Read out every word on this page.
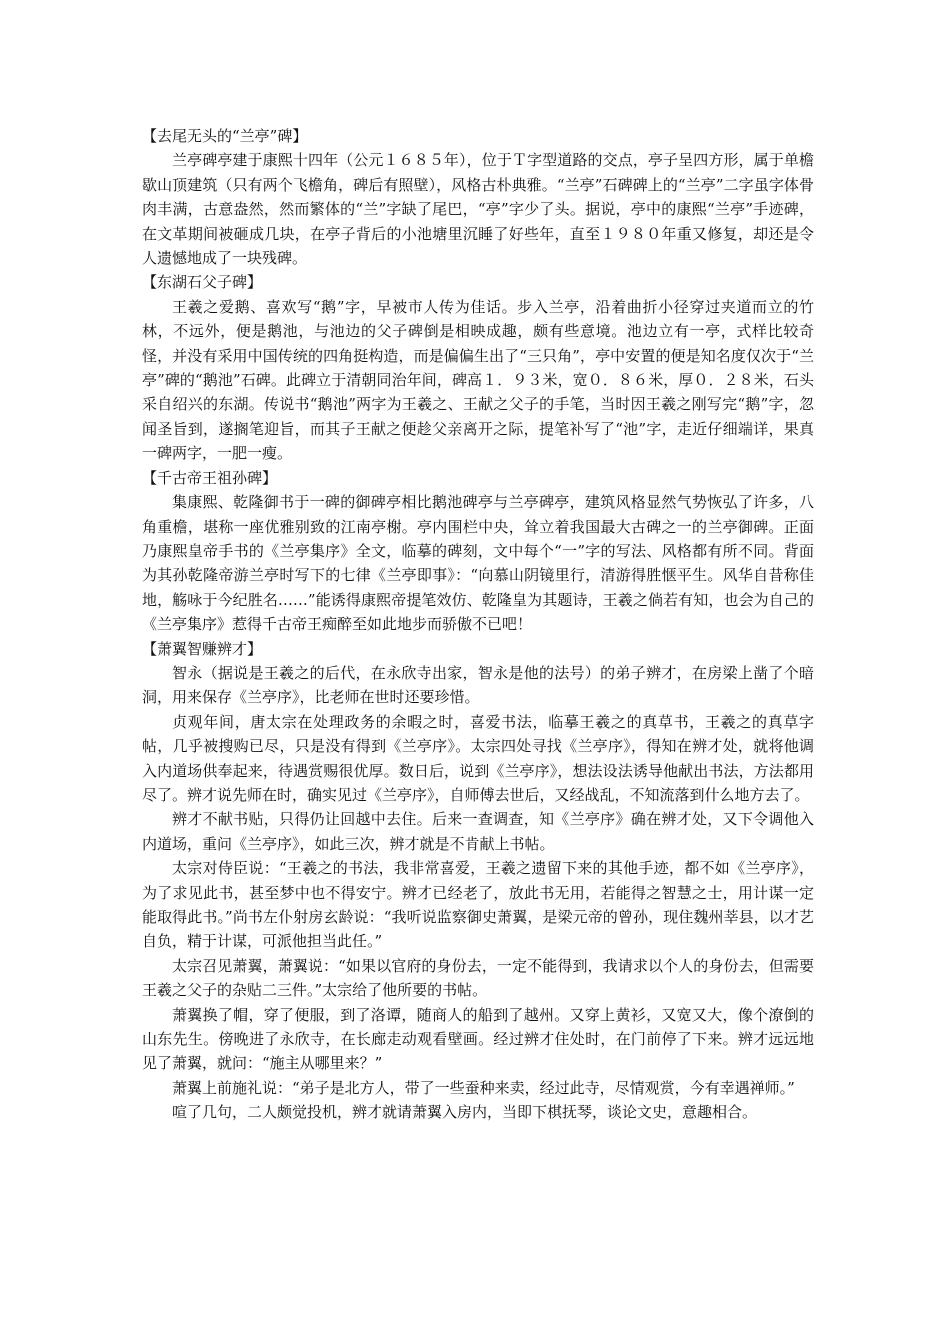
【去尾无头的“兰亭”碑】

兰亭碑亭建于康熙十四年（公元１６８５年），位于Ｔ字型道路的交点，亭子呈四方形，属于单檐歇山顶建筑（只有两个飞檐角，碑后有照壁），风格古朴典雅。“兰亭”石碑碑上的“兰亭”二字虽字体骨肉丰满，古意盎然，然而繁体的“兰”字缺了尾巴，“亭”字少了头。据说，亭中的康熙“兰亭”手迹碑，在文革期间被砸成几块，在亭子背后的小池塘里沉睡了好些年，直至１９８０年重又修复，却还是令人遗憾地成了一块残碑。

【东湖石父子碑】

王羲之爱鹅、喜欢写“鹅”字，早被市人传为佳话。步入兰亭，沿着曲折小径穿过夹道而立的竹林，不远外，便是鹅池，与池边的父子碑倒是相映成趣，颇有些意境。池边立有一亭，式样比较奇怪，并没有采用中国传统的四角挺构造，而是偏偏生出了“三只角”，亭中安置的便是知名度仅次于“兰亭”碑的“鹅池”石碑。此碑立于清朝同治年间，碑高１．９３米，宽０．８６米，厚０．２８米，石头采自绍兴的东湖。传说书“鹅池”两字为王羲之、王献之父子的手笔，当时因王羲之刚写完“鹅”字，忽闻圣旨到，遂搁笔迎旨，而其子王献之便趁父亲离开之际，提笔补写了“池”字，走近仔细端详，果真一碑两字，一肥一瘦。

【千古帝王祖孙碑】

集康熙、乾隆御书于一碑的御碑亭相比鹅池碑亭与兰亭碑亭，建筑风格显然气势恢弘了许多，八角重檐，堪称一座优雅别致的江南亭榭。亭内围栏中央，耸立着我国最大古碑之一的兰亭御碑。正面乃康熙皇帝手书的《兰亭集序》全文，临摹的碑刻，文中每个“一”字的写法、风格都有所不同。背面为其孙乾隆帝游兰亭时写下的七律《兰亭即事》：“向慕山阴镜里行，清游得胜惬平生。风华自昔称佳地，觞咏于今纪胜名……”能诱得康熙帝提笔效仿、乾隆皇为其题诗，王羲之倘若有知，也会为自己的《兰亭集序》惹得千古帝王痴醉至如此地步而骄傲不已吧！

【萧翼智赚辨才】

智永（据说是王羲之的后代，在永欣寺出家，智永是他的法号）的弟子辨才，在房梁上凿了个暗洞，用来保存《兰亭序》，比老师在世时还要珍惜。

贞观年间，唐太宗在处理政务的余暇之时，喜爱书法，临摹王羲之的真草书，王羲之的真草字帖，几乎被搜购已尽，只是没有得到《兰亭序》。太宗四处寻找《兰亭序》，得知在辨才处，就将他调入内道场供奉起来，待遇赏赐很优厚。数日后，说到《兰亭序》，想法设法诱导他献出书法，方法都用尽了。辨才说先师在时，确实见过《兰亭序》，自师傅去世后，又经战乱，不知流落到什么地方去了。

辨才不献书贴，只得仍让回越中去住。后来一查调查，知《兰亭序》确在辨才处，又下令调他入内道场，重问《兰亭序》，如此三次，辨才就是不肯献上书帖。

太宗对侍臣说：“王羲之的书法，我非常喜爱，王羲之遗留下来的其他手迹，都不如《兰亭序》，为了求见此书，甚至梦中也不得安宁。辨才已经老了，放此书无用，若能得之智慧之士，用计谋一定能取得此书。”尚书左仆射房玄龄说：“我听说监察御史萧翼，是梁元帝的曾孙，现住魏州莘县，以才艺自负，精于计谋，可派他担当此任。”

太宗召见萧翼，萧翼说：“如果以官府的身份去，一定不能得到，我请求以个人的身份去，但需要王羲之父子的杂贴二三件。”太宗给了他所要的书帖。

萧翼换了帽，穿了便服，到了洛谭，随商人的船到了越州。又穿上黄衫，又宽又大，像个潦倒的山东先生。傍晚进了永欣寺，在长廊走动观看壁画。经过辨才住处时，在门前停了下来。辨才远远地见了萧翼，就问：“施主从哪里来？”

萧翼上前施礼说：“弟子是北方人，带了一些蚕种来卖，经过此寺，尽情观赏，今有幸遇禅师。”

喧了几句，二人颇觉投机，辨才就请萧翼入房内，当即下棋抚琴，谈论文史，意趣相合。
